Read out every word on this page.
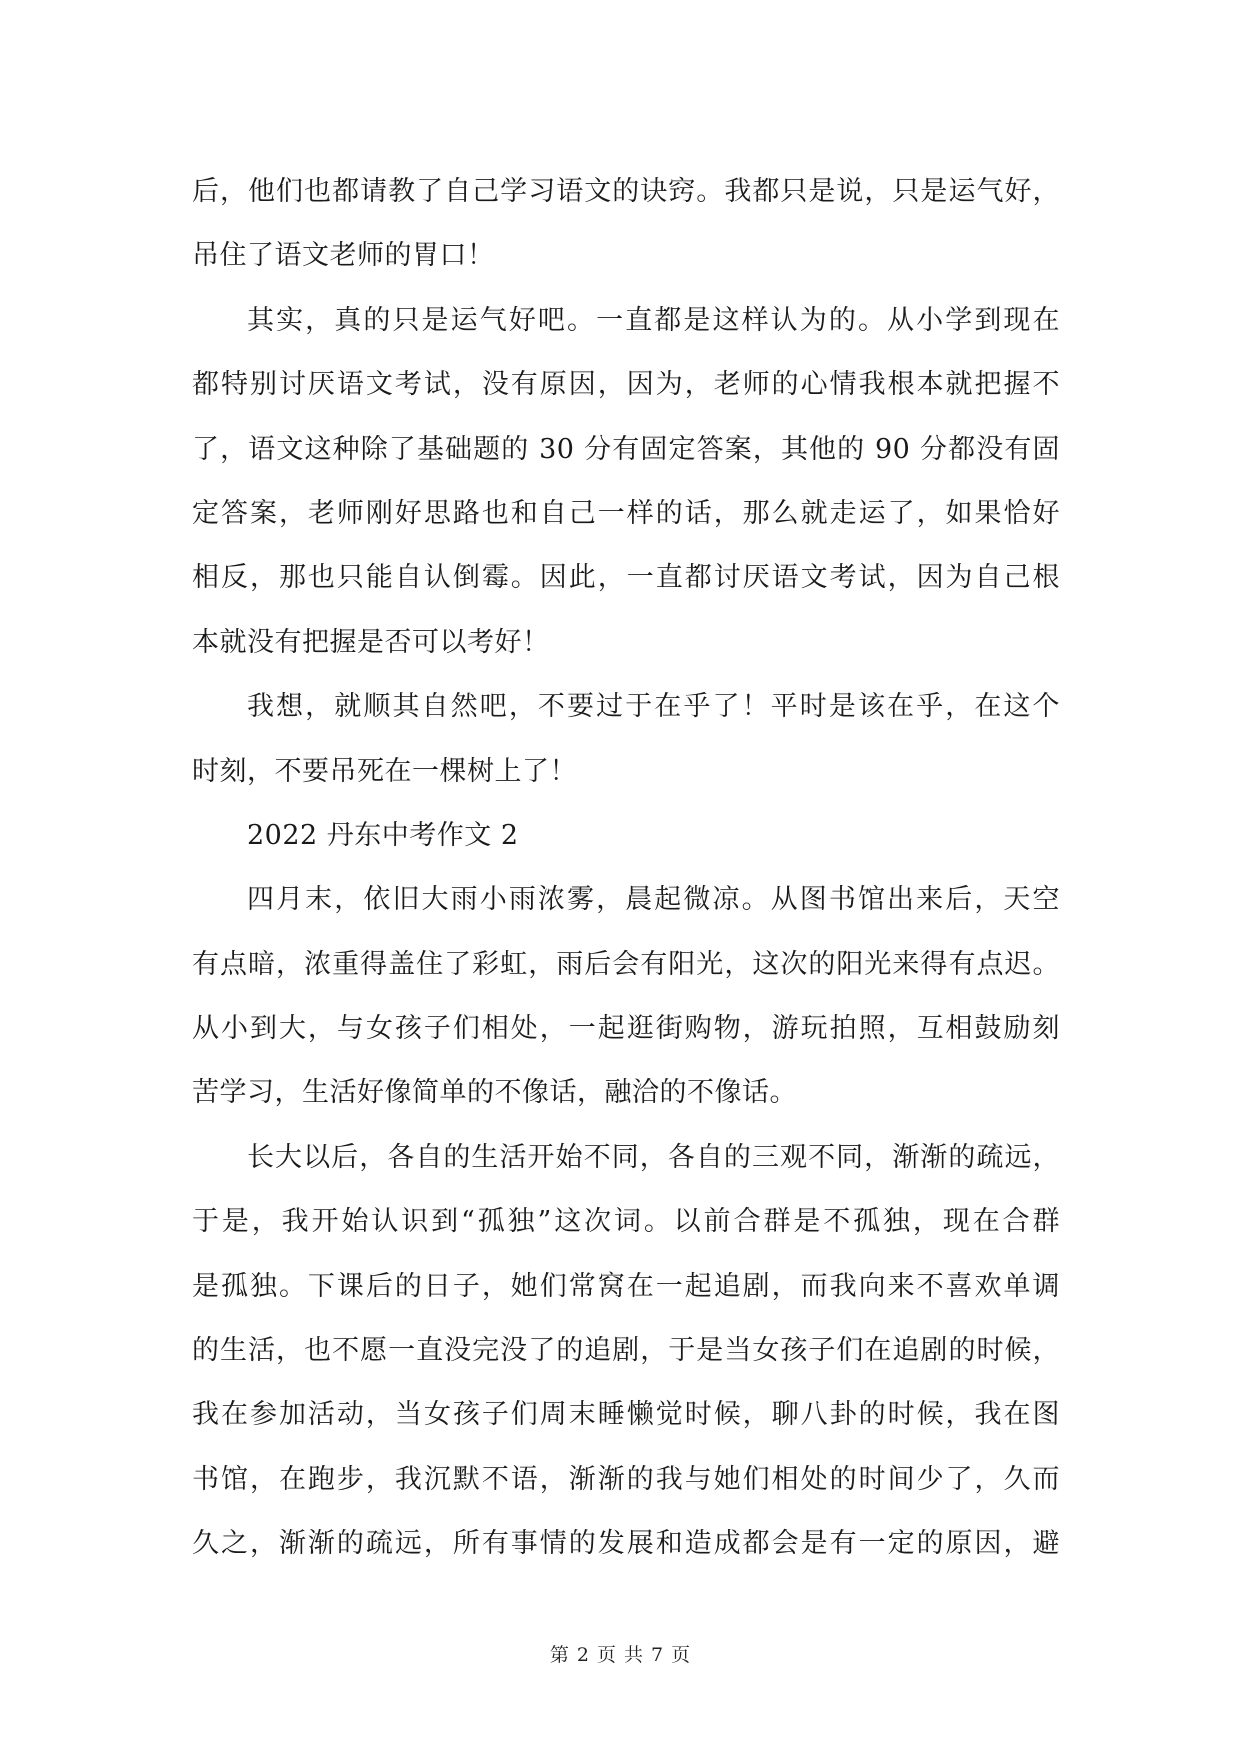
后，他们也都请教了自己学习语文的诀窍。我都只是说，只是运气好，
吊住了语文老师的胃口！
其实，真的只是运气好吧。一直都是这样认为的。从小学到现在
都特别讨厌语文考试，没有原因，因为，老师的心情我根本就把握不
了，语文这种除了基础题的 30 分有固定答案，其他的 90 分都没有固
定答案，老师刚好思路也和自己一样的话，那么就走运了，如果恰好
相反，那也只能自认倒霉。因此，一直都讨厌语文考试，因为自己根
本就没有把握是否可以考好！
我想，就顺其自然吧，不要过于在乎了！平时是该在乎，在这个
时刻，不要吊死在一棵树上了！
2022 丹东中考作文 2
四月末，依旧大雨小雨浓雾，晨起微凉。从图书馆出来后，天空
有点暗，浓重得盖住了彩虹，雨后会有阳光，这次的阳光来得有点迟。
从小到大，与女孩子们相处，一起逛街购物，游玩拍照，互相鼓励刻
苦学习，生活好像简单的不像话，融洽的不像话。
长大以后，各自的生活开始不同，各自的三观不同，渐渐的疏远，
于是，我开始认识到“孤独”这次词。以前合群是不孤独，现在合群
是孤独。下课后的日子，她们常窝在一起追剧，而我向来不喜欢单调
的生活，也不愿一直没完没了的追剧，于是当女孩子们在追剧的时候，
我在参加活动，当女孩子们周末睡懒觉时候，聊八卦的时候，我在图
书馆，在跑步，我沉默不语，渐渐的我与她们相处的时间少了，久而
久之，渐渐的疏远，所有事情的发展和造成都会是有一定的原因，避
第 2 页 共 7 页
